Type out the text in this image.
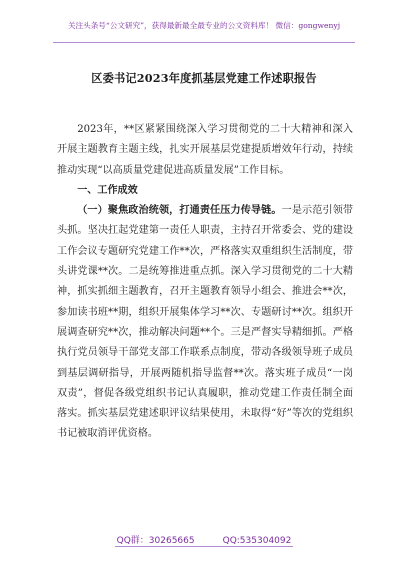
关注头条号“公文研究”，获得最新最全最专业的公文资料库！ 微信：gongwenyj
区委书记2023年度抓基层党建工作述职报告

2023年，**区紧紧围绕深入学习贯彻党的二十大精神和深入开展主题教育主题主线，扎实开展基层党建提质增效年行动，持续推动实现“以高质量党建促进高质量发展”工作目标。

一、工作成效

（一）聚焦政治统领，打通责任压力传导链。一是示范引领带头抓。坚决扛起党建第一责任人职责，主持召开常委会、党的建设工作会议专题研究党建工作**次，严格落实双重组织生活制度，带头讲党课**次。二是统筹推进重点抓。深入学习贯彻党的二十大精神，抓实抓细主题教育，召开主题教育领导小组会、推进会**次，参加读书班**期，组织开展集体学习**次、专题研讨**次。组织开展调查研究**次，推动解决问题**个。三是严督实导精细抓。严格执行党员领导干部党支部工作联系点制度，带动各级领导班子成员到基层调研指导，开展两随机指导监督**次。落实班子成员“一岗双责”，督促各级党组织书记认真履职，推动党建工作责任制全面落实。抓实基层党建述职评议结果使用，未取得“好”等次的党组织书记被取消评优资格。

QQ群：30265665	QQ:535304092
